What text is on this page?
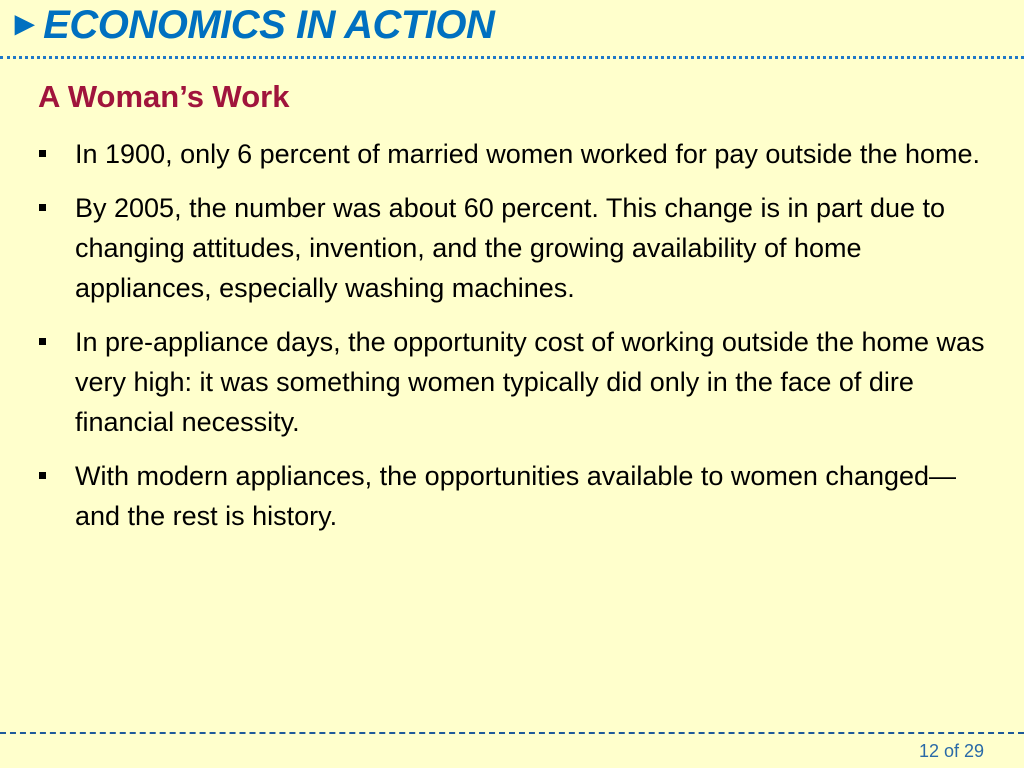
► ECONOMICS IN ACTION
A Woman’s Work
In 1900, only 6 percent of married women worked for pay outside the home.
By 2005, the number was about 60 percent. This change is in part due to changing attitudes, invention, and the growing availability of home appliances, especially washing machines.
In pre-appliance days, the opportunity cost of working outside the home was very high: it was something women typically did only in the face of dire financial necessity.
With modern appliances, the opportunities available to women changed—and the rest is history.
12 of 29
